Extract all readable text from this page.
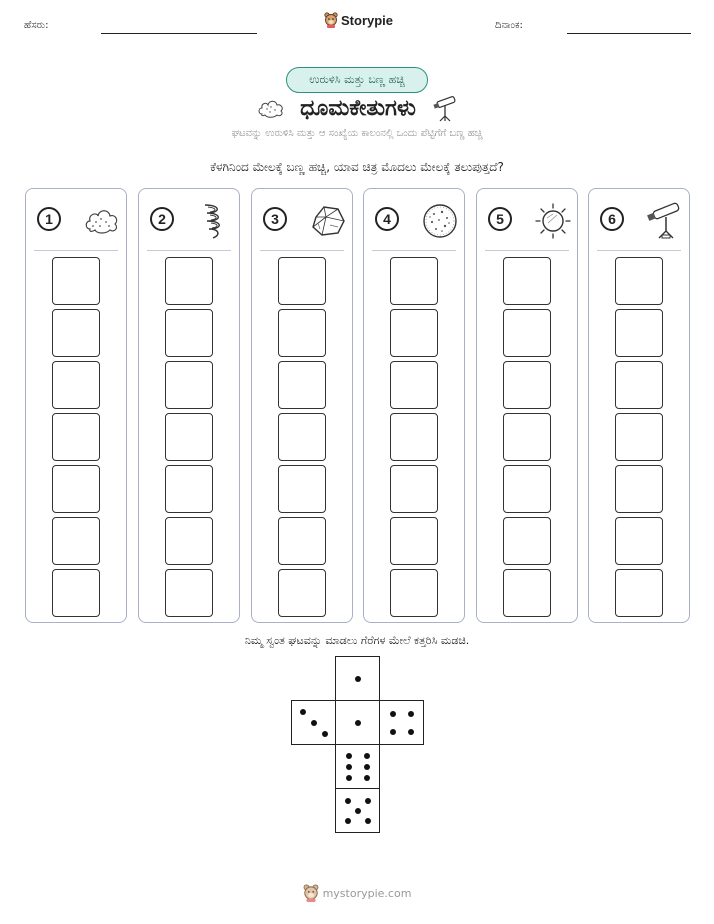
ಹೆಸರು:	Storypie	ದಿನಾಂಕ:
ಉರುಳಿಸಿ ಮತ್ತು ಬಣ್ಣ ಹಚ್ಚಿ
ಧೂಮಕೇತುಗಳು
ಘಟವನ್ನು ಉರುಳಿಸಿ ಮತ್ತು ಆ ಸಂಖ್ಯೆಯ ಕಾಲಂನಲ್ಲಿ ಒಂದು ಪೆಟ್ಟಿಗೆಗೆ ಬಣ್ಣ ಹಚ್ಚಿ
ಕೆಳಗಿನಿಂದ ಮೇಲಕ್ಕೆ ಬಣ್ಣ ಹಚ್ಚಿ, ಯಾವ ಚಿತ್ರ ಮೊದಲು ಮೇಲಕ್ಕೆ ತಲುಪುತ್ತದೆ?
1	2	3	4	5	6
ನಿಮ್ಮ ಸ್ವಂತ ಘಟವನ್ನು ಮಾಡಲು ಗೆರೆಗಳ ಮೇಲೆ ಕತ್ತರಿಸಿ ಮಡಚಿ.
mystorypie.com
